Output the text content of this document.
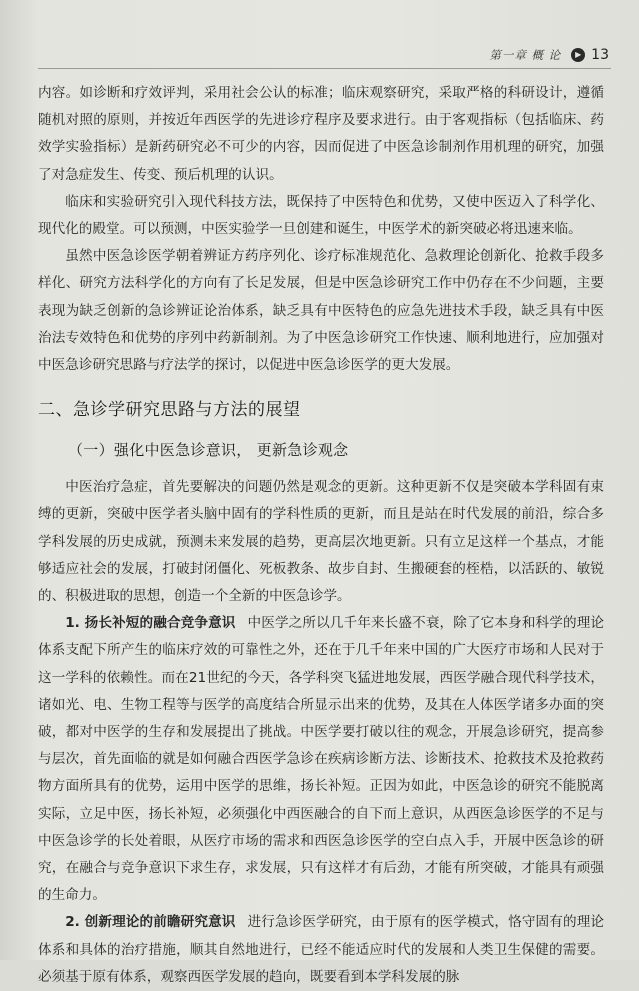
第一章 概 论 ▶ 13

内容。如诊断和疗效评判，采用社会公认的标准；临床观察研究，采取严格的科研设计，遵循随机对照的原则，并按近年西医学的先进诊疗程序及要求进行。由于客观指标（包括临床、药效学实验指标）是新药研究必不可少的内容，因而促进了中医急诊制剂作用机理的研究，加强了对急症发生、传变、预后机理的认识。

临床和实验研究引入现代科技方法，既保持了中医特色和优势，又使中医迈入了科学化、现代化的殿堂。可以预测，中医实验学一旦创建和诞生，中医学术的新突破必将迅速来临。

虽然中医急诊医学朝着辨证方药序列化、诊疗标准规范化、急救理论创新化、抢救手段多样化、研究方法科学化的方向有了长足发展，但是中医急诊研究工作中仍存在不少问题，主要表现为缺乏创新的急诊辨证论治体系，缺乏具有中医特色的应急先进技术手段，缺乏具有中医治法专效特色和优势的序列中药新制剂。为了中医急诊研究工作快速、顺利地进行，应加强对中医急诊研究思路与疗法学的探讨，以促进中医急诊医学的更大发展。

二、急诊学研究思路与方法的展望
（一）强化中医急诊意识， 更新急诊观念

中医治疗急症，首先要解决的问题仍然是观念的更新。这种更新不仅是突破本学科固有束缚的更新，突破中医学者头脑中固有的学科性质的更新，而且是站在时代发展的前沿，综合多学科发展的历史成就，预测未来发展的趋势，更高层次地更新。只有立足这样一个基点，才能够适应社会的发展，打破封闭僵化、死板教条、故步自封、生搬硬套的桎梏，以活跃的、敏锐的、积极进取的思想，创造一个全新的中医急诊学。

1. 扬长补短的融合竞争意识 中医学之所以几千年来长盛不衰，除了它本身和科学的理论体系支配下所产生的临床疗效的可靠性之外，还在于几千年来中国的广大医疗市场和人民对于这一学科的依赖性。而在21世纪的今天，各学科突飞猛进地发展，西医学融合现代科学技术，诸如光、电、生物工程等与医学的高度结合所显示出来的优势，及其在人体医学诸多办面的突破，都对中医学的生存和发展提出了挑战。中医学要打破以往的观念，开展急诊研究，提高参与层次，首先面临的就是如何融合西医学急诊在疾病诊断方法、诊断技术、抢救技术及抢救药物方面所具有的优势，运用中医学的思维，扬长补短。正因为如此，中医急诊的研究不能脱离实际，立足中医，扬长补短，必须强化中西医融合的自下而上意识，从西医急诊医学的不足与中医急诊学的长处着眼，从医疗市场的需求和西医急诊医学的空白点入手，开展中医急诊的研究，在融合与竞争意识下求生存，求发展，只有这样才有后劲，才能有所突破，才能具有顽强的生命力。

2. 创新理论的前瞻研究意识 进行急诊医学研究，由于原有的医学模式，恪守固有的理论体系和具体的治疗措施，顺其自然地进行，已经不能适应时代的发展和人类卫生保健的需要。必须基于原有体系，观察西医学发展的趋向，既要看到本学科发展的脉
